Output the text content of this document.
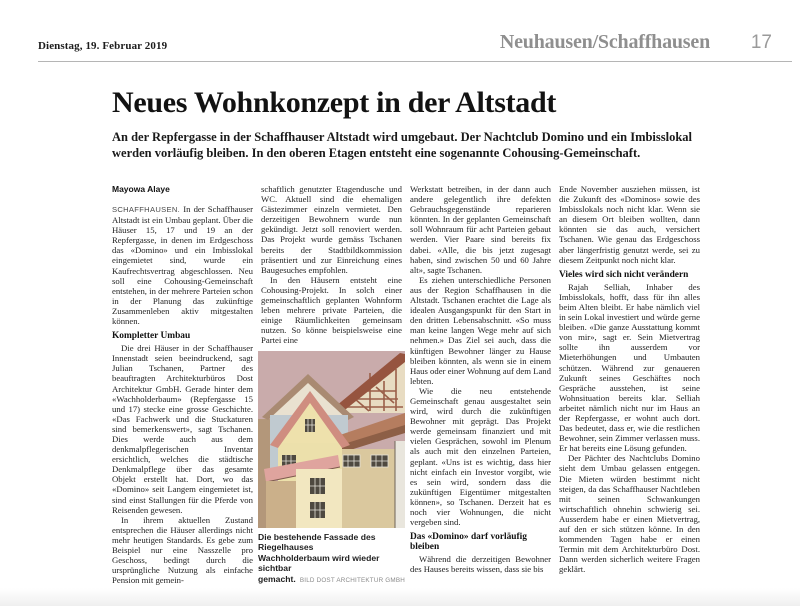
Dienstag, 19. Februar 2019	Neuhausen/Schaffhausen 17
Neues Wohnkonzept in der Altstadt

An der Repfergasse in der Schaffhauser Altstadt wird umgebaut. Der Nachtclub Domino und ein Imbisslokal werden vorläufig bleiben. In den oberen Etagen entsteht eine sogenannte Cohousing-Gemeinschaft.

Mayowa Alaye

SCHAFFHAUSEN. In der Schaffhauser Altstadt ist ein Umbau geplant. Über die Häuser 15, 17 und 19 an der Repfergasse, in denen im Erdgeschoss das «Domino» und ein Imbisslokal eingemietet sind, wurde ein Kaufrechtsvertrag abgeschlossen. Neu soll eine Cohousing-Gemeinschaft entstehen, in der mehrere Parteien schon in der Planung das zukünftige Zusammenleben aktiv mitgestalten können.

Kompletter Umbau

Die drei Häuser in der Schaffhauser Innenstadt seien beeindruckend, sagt Julian Tschanen, Partner des beauftragten Architekturbüros Dost Architektur GmbH. Gerade hinter dem «Wachholderbaum» (Repfergasse 15 und 17) stecke eine grosse Geschichte. «Das Fachwerk und die Stuckaturen sind bemerkenswert», sagt Tschanen. Dies werde auch aus dem denkmalpflegerischen Inventar ersichtlich, welches die städtische Denkmalpflege über das gesamte Objekt erstellt hat. Dort, wo das «Domino» seit Langem eingemietet ist, sind einst Stallungen für die Pferde von Reisenden gewesen.

In ihrem aktuellen Zustand entsprechen die Häuser allerdings nicht mehr heutigen Standards. Es gebe zum Beispiel nur eine Nasszelle pro Geschoss, bedingt durch die ursprüngliche Nutzung als einfache Pension mit gemein-

schaftlich genutzter Etagendusche und WC. Aktuell sind die ehemaligen Gästezimmer einzeln vermietet. Den derzeitigen Bewohnern wurde nun gekündigt. Jetzt soll renoviert werden. Das Projekt wurde gemäss Tschanen bereits der Stadtbildkommission präsentiert und zur Einreichung eines Baugesuches empfohlen.

In den Häusern entsteht eine Cohousing-Projekt. In solch einer gemeinschaftlich geplanten Wohnform leben mehrere private Parteien, die einige Räumlichkeiten gemeinsam nutzen. So könne beispielsweise eine Partei eine

Die bestehende Fassade des Riegelhauses
Wachholderbaum wird wieder sichtbar
gemacht. BILD DOST ARCHITEKTUR GMBH

Werkstatt betreiben, in der dann auch andere gelegentlich ihre defekten Gebrauchsgegenstände reparieren könnten. In der geplanten Gemeinschaft soll Wohnraum für acht Parteien gebaut werden. Vier Paare sind bereits fix dabei. «Alle, die bis jetzt zugesagt haben, sind zwischen 50 und 60 Jahre alt», sagte Tschanen.

Es ziehen unterschiedliche Personen aus der Region Schaffhausen in die Altstadt. Tschanen erachtet die Lage als idealen Ausgangspunkt für den Start in den dritten Lebensabschnitt. «So muss man keine langen Wege mehr auf sich nehmen.» Das Ziel sei auch, dass die künftigen Bewohner länger zu Hause bleiben könnten, als wenn sie in einem Haus oder einer Wohnung auf dem Land lebten.

Wie die neu entstehende Gemeinschaft genau ausgestaltet sein wird, wird durch die zukünftigen Bewohner mit geprägt. Das Projekt werde gemeinsam finanziert und mit vielen Gesprächen, sowohl im Plenum als auch mit den einzelnen Parteien, geplant. «Uns ist es wichtig, dass hier nicht einfach ein Investor vorgibt, wie es sein wird, sondern dass die zukünftigen Eigentümer mitgestalten können», so Tschanen. Derzeit hat es noch vier Wohnungen, die nicht vergeben sind.

Das «Domino» darf vorläufig bleiben

Während die derzeitigen Bewohner des Hauses bereits wissen, dass sie bis

Ende November ausziehen müssen, ist die Zukunft des «Dominos» sowie des Imbisslokals noch nicht klar. Wenn sie an diesem Ort bleiben wollten, dann könnten sie das auch, versichert Tschanen. Wie genau das Erdgeschoss aber längerfristig genutzt werde, sei zu diesem Zeitpunkt noch nicht klar.

Vieles wird sich nicht verändern

Rajah Selliah, Inhaber des Imbisslokals, hofft, dass für ihn alles beim Alten bleibt. Er habe nämlich viel in sein Lokal investiert und würde gerne bleiben. «Die ganze Ausstattung kommt von mir», sagt er. Sein Mietvertrag sollte ihn ausserdem vor Mieterhöhungen und Umbauten schützen. Während zur genaueren Zukunft seines Geschäftes noch Gespräche ausstehen, ist seine Wohnsituation bereits klar. Selliah arbeitet nämlich nicht nur im Haus an der Repfergasse, er wohnt auch dort. Das bedeutet, dass er, wie die restlichen Bewohner, sein Zimmer verlassen muss. Er hat bereits eine Lösung gefunden.

Der Pächter des Nachtclubs Domino sieht dem Umbau gelassen entgegen. Die Mieten würden bestimmt nicht steigen, da das Schaffhauser Nachtleben mit seinen Schwankungen wirtschaftlich ohnehin schwierig sei. Ausserdem habe er einen Mietvertrag, auf den er sich stützen könne. In den kommenden Tagen habe er einen Termin mit dem Architekturbüro Dost. Dann werden sicherlich weitere Fragen geklärt.
